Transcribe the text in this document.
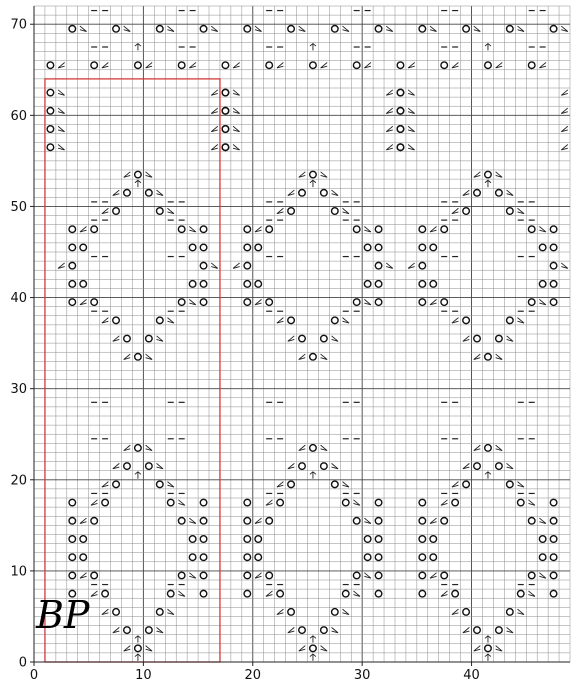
0	10	20	30	40
0
10
20
30
40
50
60
70
BP
